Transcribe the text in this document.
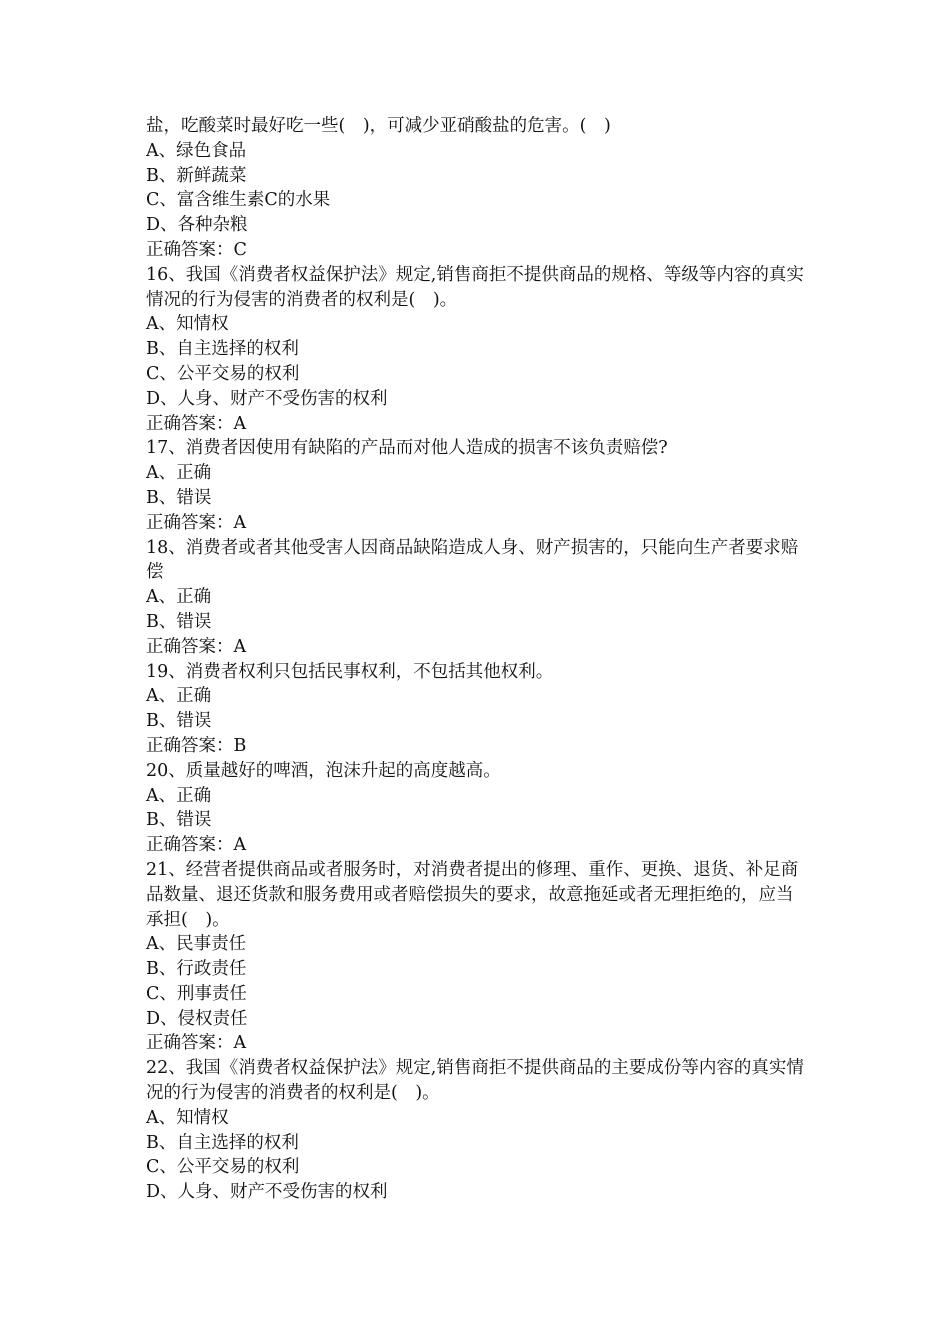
盐，吃酸菜时最好吃一些(　)，可减少亚硝酸盐的危害。(　)
A、绿色食品
B、新鲜蔬菜
C、富含维生素C的水果
D、各种杂粮
正确答案：C
16、我国《消费者权益保护法》规定,销售商拒不提供商品的规格、等级等内容的真实情况的行为侵害的消费者的权利是(　)。
A、知情权
B、自主选择的权利
C、公平交易的权利
D、人身、财产不受伤害的权利
正确答案：A
17、消费者因使用有缺陷的产品而对他人造成的损害不该负责赔偿?
A、正确
B、错误
正确答案：A
18、消费者或者其他受害人因商品缺陷造成人身、财产损害的，只能向生产者要求赔偿
A、正确
B、错误
正确答案：A
19、消费者权利只包括民事权利，不包括其他权利。
A、正确
B、错误
正确答案：B
20、质量越好的啤酒，泡沫升起的高度越高。
A、正确
B、错误
正确答案：A
21、经营者提供商品或者服务时，对消费者提出的修理、重作、更换、退货、补足商品数量、退还货款和服务费用或者赔偿损失的要求，故意拖延或者无理拒绝的，应当承担(　)。
A、民事责任
B、行政责任
C、刑事责任
D、侵权责任
正确答案：A
22、我国《消费者权益保护法》规定,销售商拒不提供商品的主要成份等内容的真实情况的行为侵害的消费者的权利是(　)。
A、知情权
B、自主选择的权利
C、公平交易的权利
D、人身、财产不受伤害的权利
